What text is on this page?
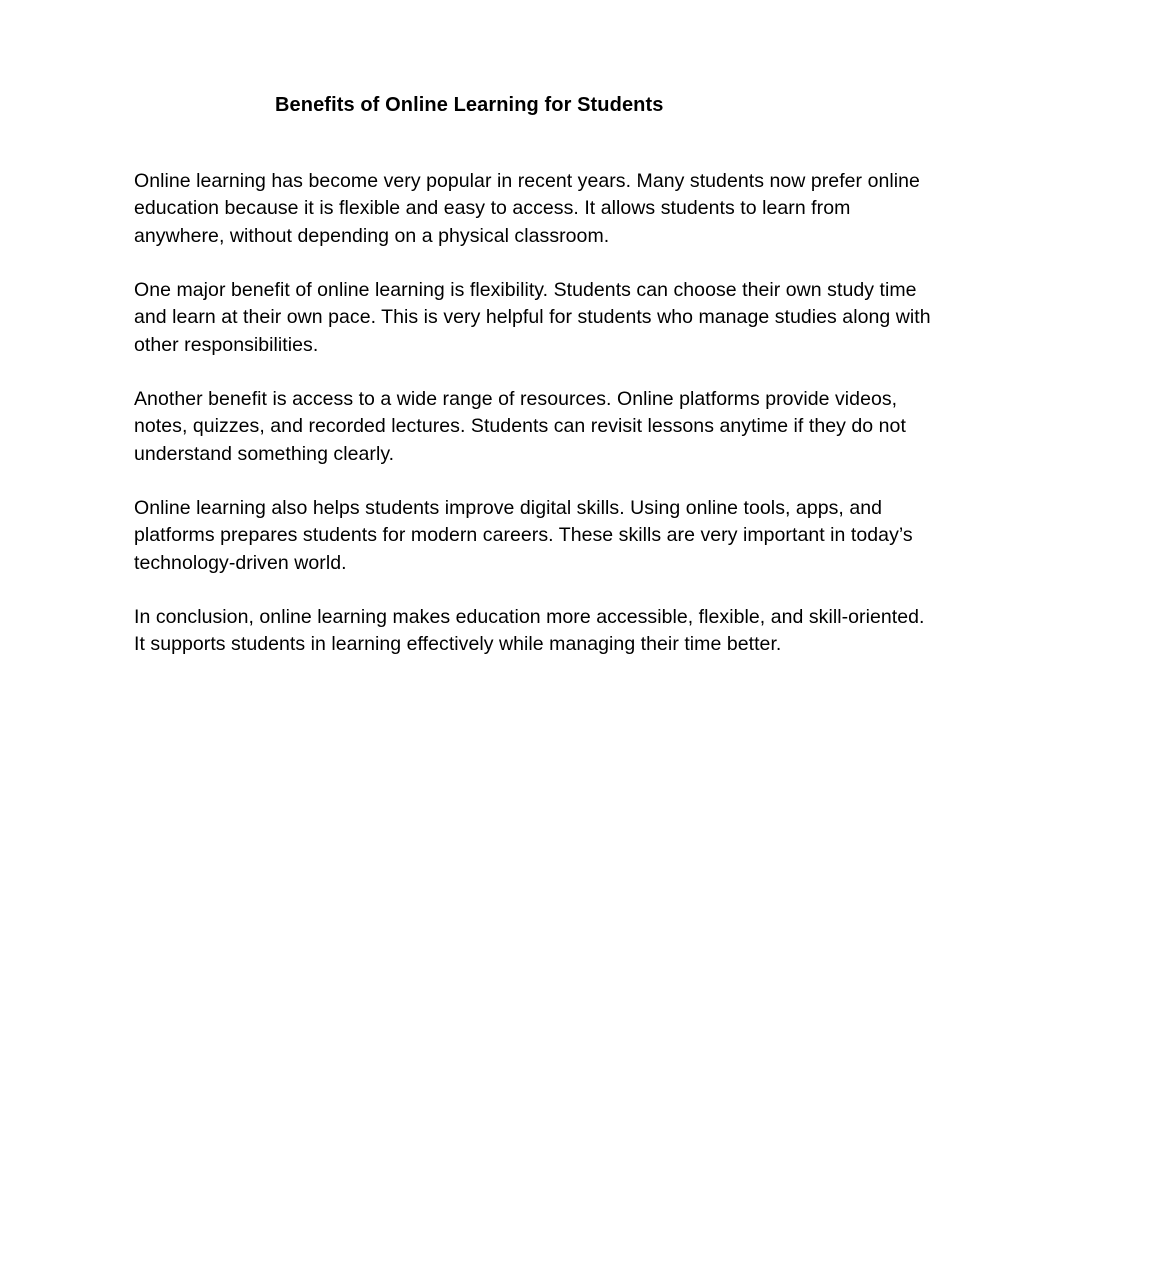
Benefits of Online Learning for Students

Online learning has become very popular in recent years. Many students now prefer online
education because it is flexible and easy to access. It allows students to learn from
anywhere, without depending on a physical classroom.

One major benefit of online learning is flexibility. Students can choose their own study time
and learn at their own pace. This is very helpful for students who manage studies along with
other responsibilities.

Another benefit is access to a wide range of resources. Online platforms provide videos,
notes, quizzes, and recorded lectures. Students can revisit lessons anytime if they do not
understand something clearly.

Online learning also helps students improve digital skills. Using online tools, apps, and
platforms prepares students for modern careers. These skills are very important in today’s
technology-driven world.

In conclusion, online learning makes education more accessible, flexible, and skill-oriented.
It supports students in learning effectively while managing their time better.
